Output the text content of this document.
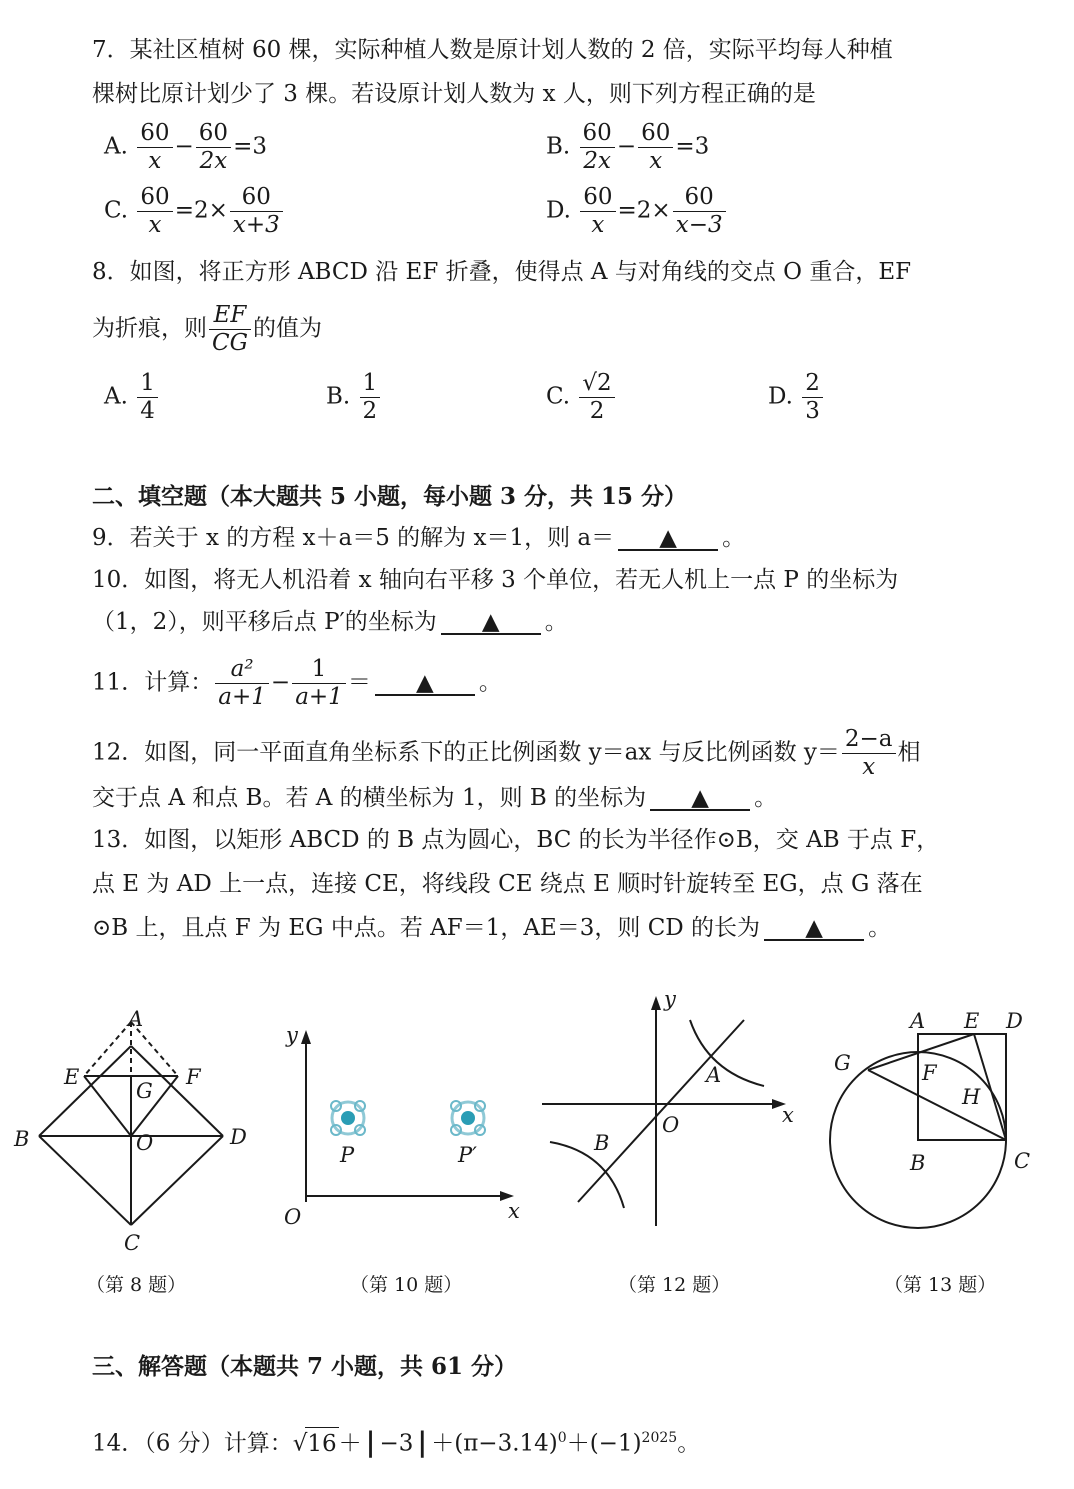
7．某社区植树 60 棵，实际种植人数是原计划人数的 2 倍，实际平均每人种植
棵树比原计划少了 3 棵。若设原计划人数为 x 人，则下列方程正确的是
A. $\frac{60}{x} - \frac{60}{2x} =3$	B. $\frac{60}{2x} - \frac{60}{x} =3$
C. $\frac{60}{x} =2\times \frac{60}{x+3}$	D. $\frac{60}{x} =2\times \frac{60}{x-3}$
8．如图，将正方形 ABCD 沿 EF 折叠，使得点 A 与对角线的交点 O 重合，EF
为折痕，则 $\frac{EF}{CG}$ 的值为
A. $\frac{1}{4}$	B. $\frac{1}{2}$	C. $\frac{√2}{2}$	D. $\frac{2}{3}$
二、填空题（本大题共 5 小题，每小题 3 分，共 15 分）
9．若关于 x 的方程 x＋a＝5 的解为 x＝1，则 a＝ ▲ 。
10．如图，将无人机沿着 x 轴向右平移 3 个单位，若无人机上一点 P 的坐标为
（1，2），则平移后点 P′的坐标为 ▲ 。
11．计算： $\frac{\text{a²}}{a+1} - \frac{1}{a+1}$ ＝ ▲ 。
12．如图，同一平面直角坐标系下的正比例函数 y＝ax 与反比例函数 $y= \frac{2-a}{x}$ 相
交于点 A 和点 B。若 A 的横坐标为 1，则 B 的坐标为 ▲ 。
13．如图，以矩形 ABCD 的 B 点为圆心，BC 的长为半径作⊙B，交 AB 于点 F，
点 E 为 AD 上一点，连接 CE，将线段 CE 绕点 E 顺时针旋转至 EG，点 G 落在
⊙B 上，且点 F 为 EG 中点。若 AF＝1，AE＝3，则 CD 的长为 ▲ 。
A
E	F
G
B	O	D
C
（第 8 题）
y
O	x
P	P′
（第 10 题）
y
x
O
A
B
（第 12 题）
A E D
G	F
H
B	C
（第 13 题）
三、解答题（本题共 7 小题，共 61 分）
14．（6 分）计算：√16＋ | −3 | $+(\pi-3.14)^0+(-1)^{2025}$。
